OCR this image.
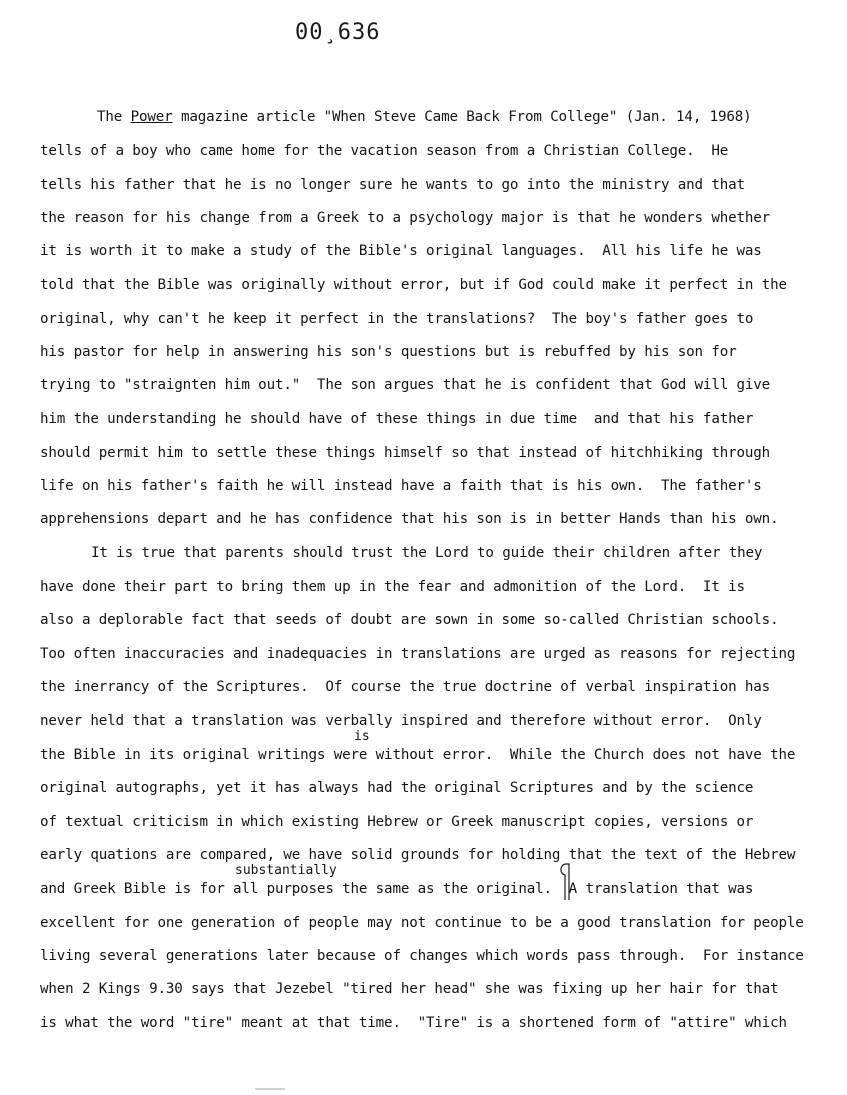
00¸636
The Power magazine article "When Steve Came Back From College" (Jan. 14, 1968)
tells of a boy who came home for the vacation season from a Christian College.  He
tells his father that he is no longer sure he wants to go into the ministry and that
the reason for his change from a Greek to a psychology major is that he wonders whether
it is worth it to make a study of the Bible's original languages.  All his life he was
told that the Bible was originally without error, but if God could make it perfect in the
original, why can't he keep it perfect in the translations?  The boy's father goes to
his pastor for help in answering his son's questions but is rebuffed by his son for
trying to "straignten him out."  The son argues that he is confident that God will give
him the understanding he should have of these things in due time  and that his father
should permit him to settle these things himself so that instead of hitchhiking through
life on his father's faith he will instead have a faith that is his own.  The father's
apprehensions depart and he has confidence that his son is in better Hands than his own.
It is true that parents should trust the Lord to guide their children after they
have done their part to bring them up in the fear and admonition of the Lord.  It is
also a deplorable fact that seeds of doubt are sown in some so-called Christian schools.
Too often inaccuracies and inadequacies in translations are urged as reasons for rejecting
the inerrancy of the Scriptures.  Of course the true doctrine of verbal inspiration has
never held that a translation was verbally inspired and therefore without error.  Only
is
the Bible in its original writings were without error.  While the Church does not have the
original autographs, yet it has always had the original Scriptures and by the science
of textual criticism in which existing Hebrew or Greek manuscript copies, versions or
early quations are compared, we have solid grounds for holding that the text of the Hebrew
substantially
and Greek Bible is for all purposes the same as the original.  A translation that was
excellent for one generation of people may not continue to be a good translation for people
living several generations later because of changes which words pass through.  For instance
when 2 Kings 9.30 says that Jezebel "tired her head" she was fixing up her hair for that
is what the word "tire" meant at that time.  "Tire" is a shortened form of "attire" which
